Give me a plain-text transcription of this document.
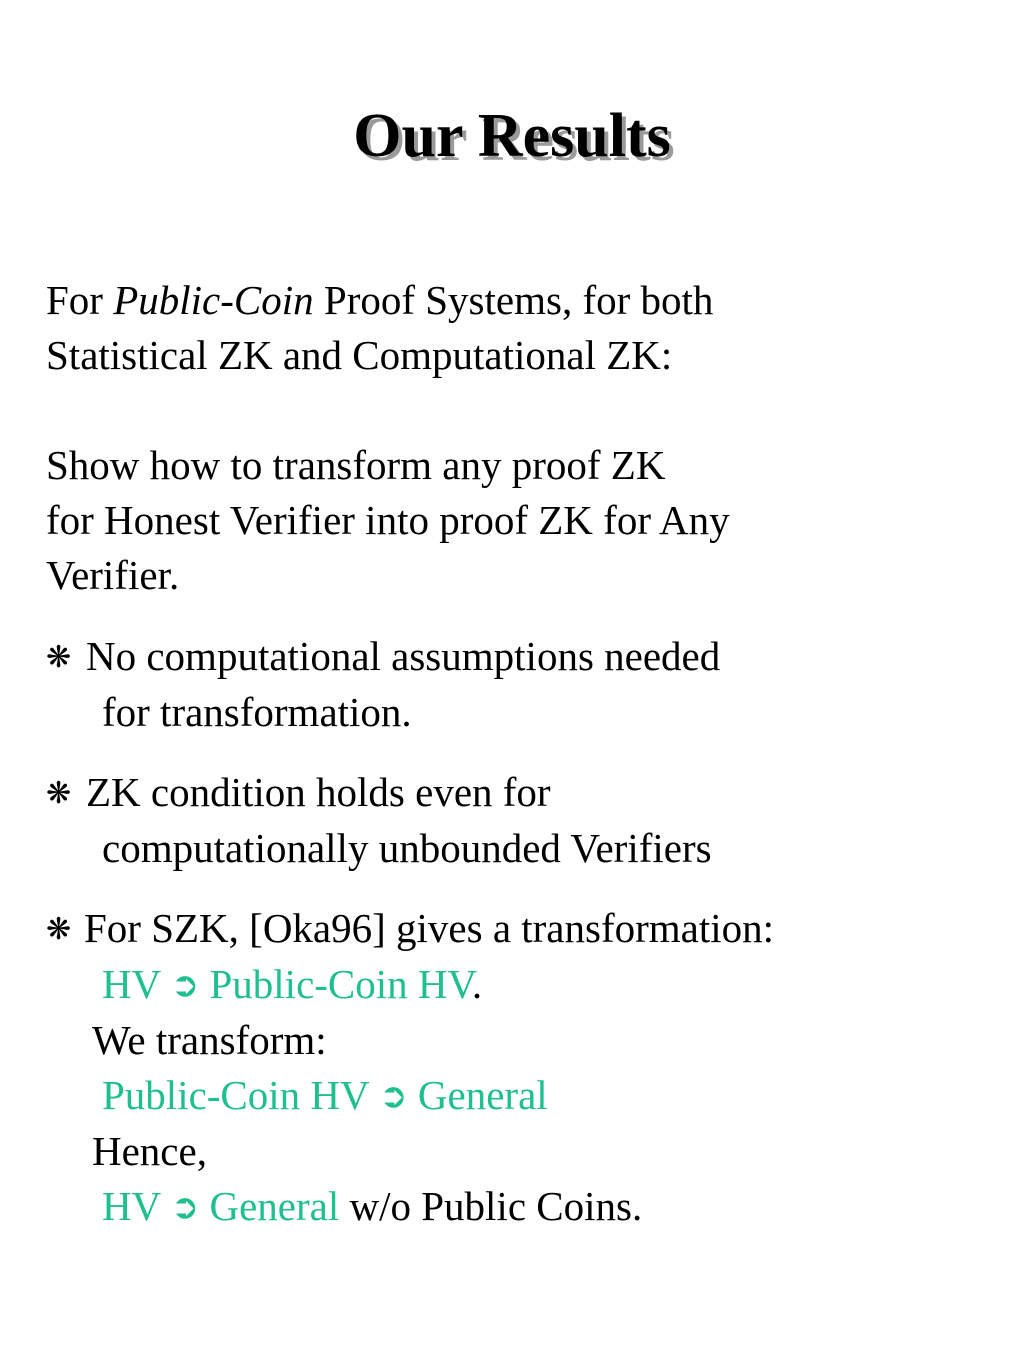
Our Results
For Public-Coin Proof Systems, for both
Statistical ZK and Computational ZK:
Show how to transform any proof ZK
for Honest Verifier into proof ZK for Any
Verifier.
❋ No computational assumptions needed
for transformation.
❋ ZK condition holds even for
computationally unbounded Verifiers
❋ For SZK, [Oka96] gives a transformation:
HV ➲ Public-Coin HV.
We transform:
Public-Coin HV ➲ General
Hence,
HV ➲ General w/o Public Coins.
